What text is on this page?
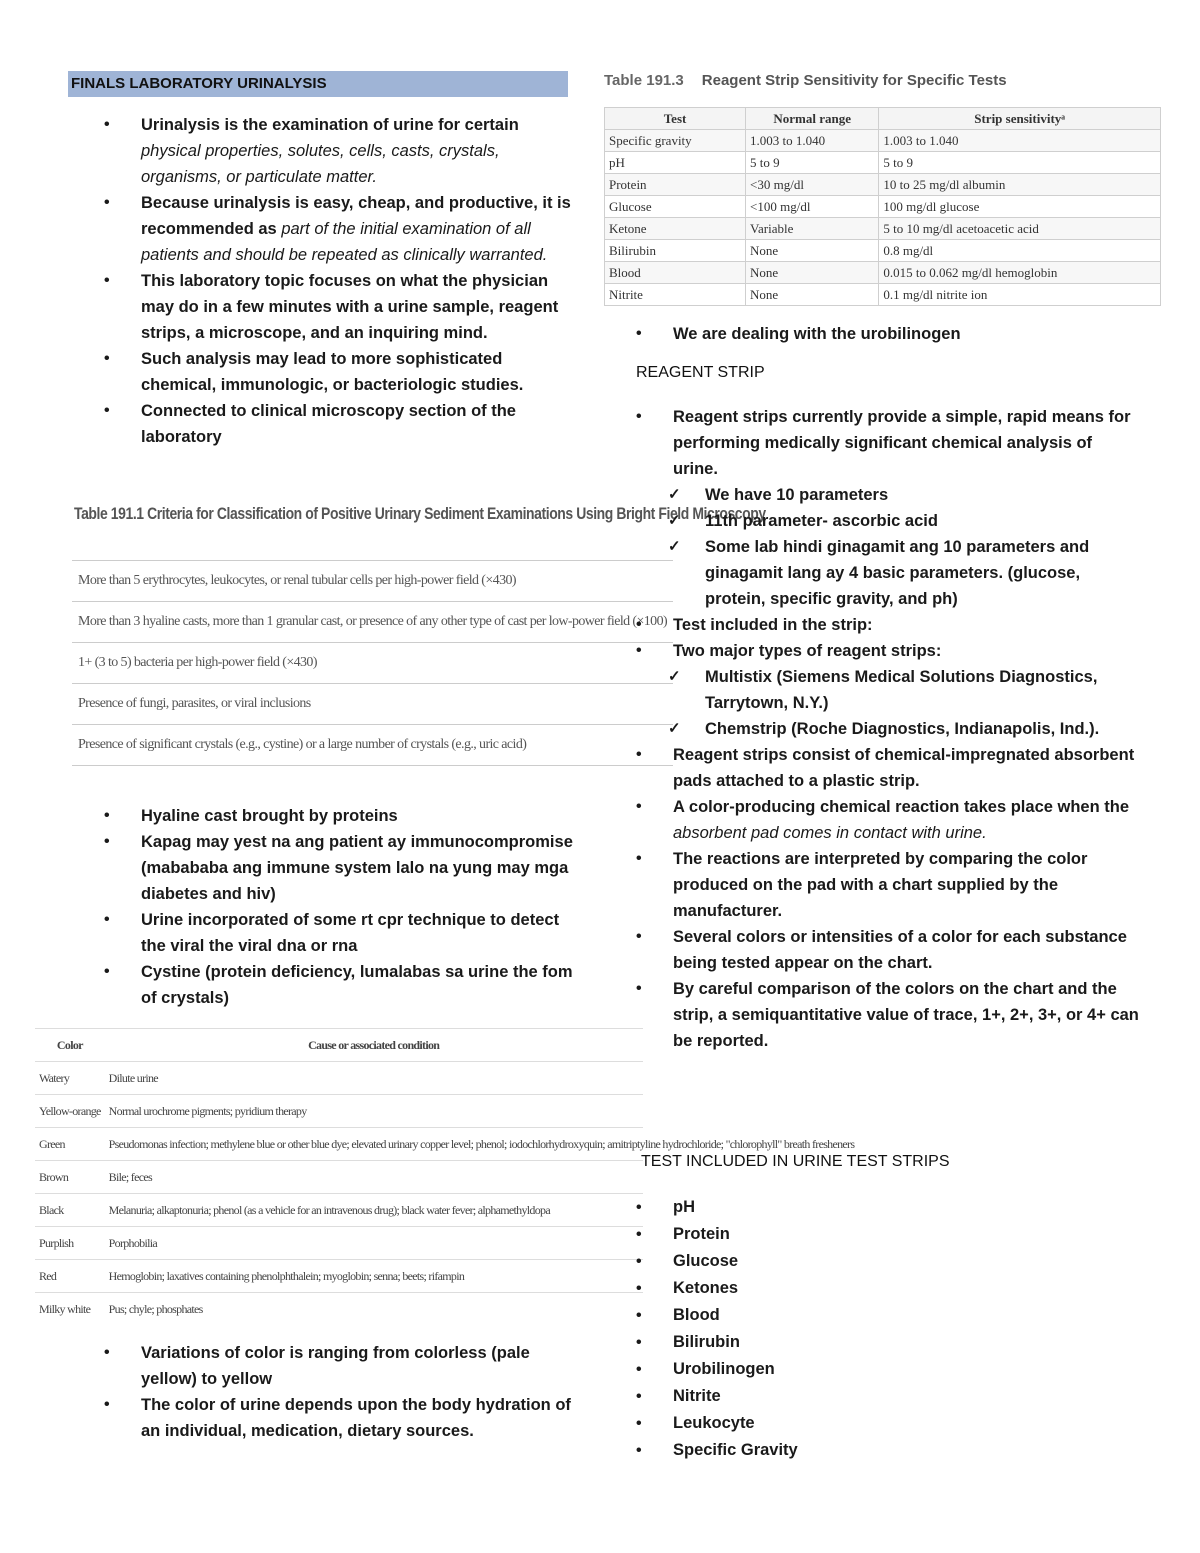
FINALS LABORATORY URINALYSIS
• Urinalysis is the examination of urine for certain physical properties, solutes, cells, casts, crystals, organisms, or particulate matter.
• Because urinalysis is easy, cheap, and productive, it is recommended as part of the initial examination of all patients and should be repeated as clinically warranted.
• This laboratory topic focuses on what the physician may do in a few minutes with a urine sample, reagent strips, a microscope, and an inquiring mind.
• Such analysis may lead to more sophisticated chemical, immunologic, or bacteriologic studies.
• Connected to clinical microscopy section of the laboratory
Table 191.1 Criteria for Classification of Positive Urinary Sediment Examinations Using Bright Field Microscopy
More than 5 erythrocytes, leukocytes, or renal tubular cells per high-power field (×430)
More than 3 hyaline casts, more than 1 granular cast, or presence of any other type of cast per low-power field (×100)
1+ (3 to 5) bacteria per high-power field (×430)
Presence of fungi, parasites, or viral inclusions
Presence of significant crystals (e.g., cystine) or a large number of crystals (e.g., uric acid)
• Hyaline cast brought by proteins
• Kapag may yest na ang patient ay immunocompromise (mabababa ang immune system lalo na yung may mga diabetes and hiv)
• Urine incorporated of some rt cpr technique to detect the viral the viral dna or rna
• Cystine (protein deficiency, lumalabas sa urine the fom of crystals)
Color	Cause or associated condition
Watery	Dilute urine
Yellow-orange	Normal urochrome pigments; pyridium therapy
Green	Pseudomonas infection; methylene blue or other blue dye; elevated urinary copper level; phenol; iodochlorhydroxyquin; amitriptyline hydrochloride; "chlorophyll" breath fresheners
Brown	Bile; feces
Black	Melanuria; alkaptonuria; phenol (as a vehicle for an intravenous drug); black water fever; alphamethyldopa
Purplish	Porphobilia
Red	Hemoglobin; laxatives containing phenolphthalein; myoglobin; senna; beets; rifampin
Milky white	Pus; chyle; phosphates
• Variations of color is ranging from colorless (pale yellow) to yellow
• The color of urine depends upon the body hydration of an individual, medication, dietary sources.
Table 191.3 Reagent Strip Sensitivity for Specific Tests
Test	Normal range	Strip sensitivityᵃ
Specific gravity	1.003 to 1.040	1.003 to 1.040
pH	5 to 9	5 to 9
Protein	<30 mg/dl	10 to 25 mg/dl albumin
Glucose	<100 mg/dl	100 mg/dl glucose
Ketone	Variable	5 to 10 mg/dl acetoacetic acid
Bilirubin	None	0.8 mg/dl
Blood	None	0.015 to 0.062 mg/dl hemoglobin
Nitrite	None	0.1 mg/dl nitrite ion
• We are dealing with the urobilinogen
REAGENT STRIP
• Reagent strips currently provide a simple, rapid means for performing medically significant chemical analysis of urine.
✓ We have 10 parameters
✓ 11th parameter- ascorbic acid
✓ Some lab hindi ginagamit ang 10 parameters and ginagamit lang ay 4 basic parameters. (glucose, protein, specific gravity, and ph)
• Test included in the strip:
• Two major types of reagent strips:
✓ Multistix (Siemens Medical Solutions Diagnostics, Tarrytown, N.Y.)
✓ Chemstrip (Roche Diagnostics, Indianapolis, Ind.).
• Reagent strips consist of chemical-impregnated absorbent pads attached to a plastic strip.
• A color-producing chemical reaction takes place when the absorbent pad comes in contact with urine.
• The reactions are interpreted by comparing the color produced on the pad with a chart supplied by the manufacturer.
• Several colors or intensities of a color for each substance being tested appear on the chart.
• By careful comparison of the colors on the chart and the strip, a semiquantitative value of trace, 1+, 2+, 3+, or 4+ can be reported.
TEST INCLUDED IN URINE TEST STRIPS
• pH
• Protein
• Glucose
• Ketones
• Blood
• Bilirubin
• Urobilinogen
• Nitrite
• Leukocyte
• Specific Gravity
